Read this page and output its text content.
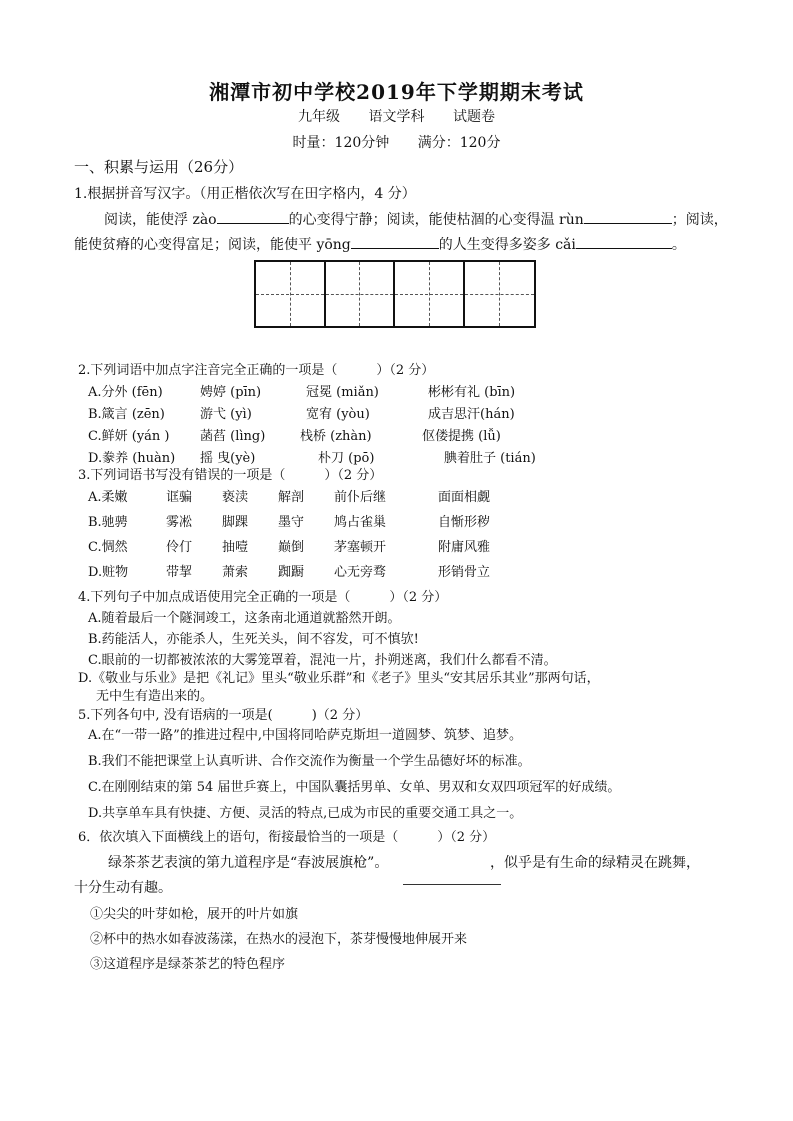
湘潭市初中学校2019年下学期期末考试
九年级 语文学科 试题卷
时量：120分钟 满分：120分
一、积累与运用（26分）
1.根据拼音写汉字。（用正楷依次写在田字格内，4 分）
阅读，能使浮 zào	的心变得宁静；阅读，能使枯涸的心变得温 rùn	；阅读，
能使贫瘠的心变得富足；阅读，能使平 yōng	的人生变得多姿多 cǎi	。
2.下列词语中加点字注音完全正确的一项是（　　　）（2 分）
A.分外 (fēn)	娉婷 (pīn)	冠冕 (miǎn)	彬彬有礼 (bīn)
B.箴言 (zēn)	游弋 (yì)	宽宥 (yòu)	成吉思汗(hán)
C.鲜妍 (yán ) 菡萏 (lìng)	栈桥 (zhàn)	伛偻提携 (lǚ)
D.豢养 (huàn) 摇 曳(yè)	朴刀 (pō)	腆着肚子 (tián)
3.下列词语书写没有错误的一项是（　　　）（2 分）
A.柔嫩	诓骗 亵渎 解剖 前仆后继	面面相觑
B.驰骋	雾凇 脚踝 墨守 鸠占雀巢	自惭形秽
C.惆然	伶仃 抽噎 巅倒 茅塞顿开	附庸风雅
D.赃物	带挈 萧索 踟蹰 心无旁骛	形销骨立
4.下列句子中加点成语使用完全正确的一项是（　　　）（2 分）
A.随着最后一个隧洞竣工，这条南北通道就豁然开朗。
B.药能活人，亦能杀人，生死关头，间不容发，可不慎欤!
C.眼前的一切都被浓浓的大雾笼罩着，混沌一片，扑朔迷离，我们什么都看不清。
D.《敬业与乐业》是把《礼记》里头“敬业乐群”和《老子》里头“安其居乐其业”那两句话，
无中生有造出来的。
5.下列各句中, 没有语病的一项是(　　　)（2 分）
A.在“一带一路”的推进过程中,中国将同哈萨克斯坦一道圆梦、筑梦、追梦。
B.我们不能把课堂上认真听讲、合作交流作为衡量一个学生品德好坏的标准。
C.在刚刚结束的第 54 届世乒赛上，中国队囊括男单、女单、男双和女双四项冠军的好成绩。
D.共享单车具有快捷、方便、灵活的特点,已成为市民的重要交通工具之一。
6．依次填入下面横线上的语句，衔接最恰当的一项是（　　　）（2 分）
绿茶茶艺表演的第九道程序是“春波展旗枪”。	，似乎是有生命的绿精灵在跳舞，
十分生动有趣。
①尖尖的叶芽如枪，展开的叶片如旗
②杯中的热水如春波荡漾，在热水的浸泡下，茶芽慢慢地伸展开来
③这道程序是绿茶茶艺的特色程序
